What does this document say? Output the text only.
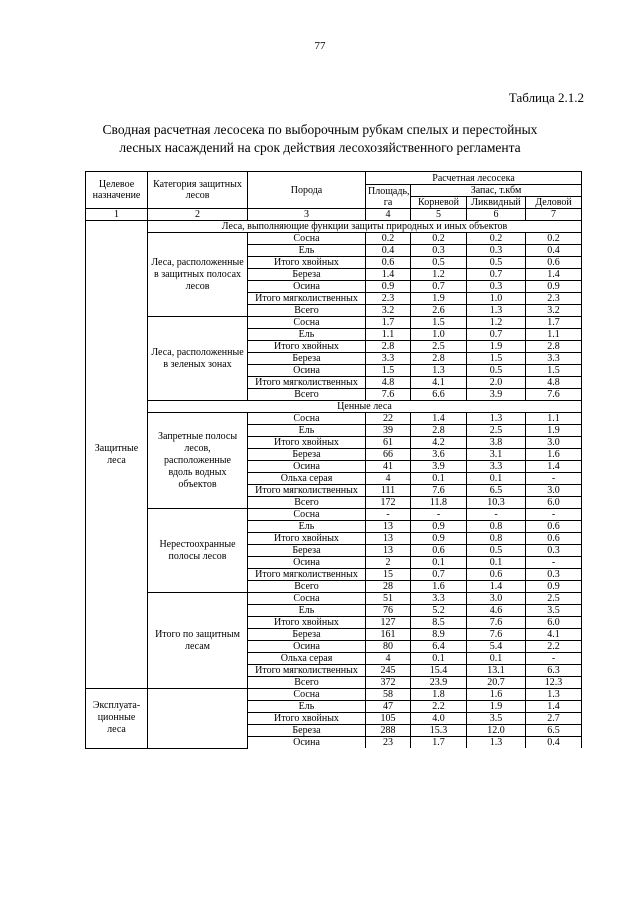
77
Таблица 2.1.2
Сводная расчетная лесосека по выборочным рубкам спелых и перестойных
лесных насаждений на срок действия лесохозяйственного регламента
Целевое назначение	Категория защитных лесов	Порода	Расчетная лесосека			
			Площадь, га	Запас, т.кбм		
				Корневой	Ликвидный	Деловой
1	2	3	4	5	6	7
Защитные леса	Леса, выполняющие функции защиты природных и иных объектов					
	Леса, расположенные в защитных полосах лесов	Сосна	0.2	0.2	0.2	0.2
		Ель	0.4	0.3	0.3	0.4
		Итого хвойных	0.6	0.5	0.5	0.6
		Береза	1.4	1.2	0.7	1.4
		Осина	0.9	0.7	0.3	0.9
		Итого мягколиственных	2.3	1.9	1.0	2.3
		Всего	3.2	2.6	1.3	3.2
	Леса, расположенные в зеленых зонах	Сосна	1.7	1.5	1.2	1.7
		Ель	1.1	1.0	0.7	1.1
		Итого хвойных	2.8	2.5	1.9	2.8
		Береза	3.3	2.8	1.5	3.3
		Осина	1.5	1.3	0.5	1.5
		Итого мягколиственных	4.8	4.1	2.0	4.8
		Всего	7.6	6.6	3.9	7.6
	Ценные леса					
	Запретные полосы лесов, расположенные вдоль водных объектов	Сосна	22	1.4	1.3	1.1
		Ель	39	2.8	2.5	1.9
		Итого хвойных	61	4.2	3.8	3.0
		Береза	66	3.6	3.1	1.6
		Осина	41	3.9	3.3	1.4
		Ольха серая	4	0.1	0.1	-
		Итого мягколиственных	111	7.6	6.5	3.0
		Всего	172	11.8	10.3	6.0
	Нерестоохранные полосы лесов	Сосна	-	-	-	-
		Ель	13	0.9	0.8	0.6
		Итого хвойных	13	0.9	0.8	0.6
		Береза	13	0.6	0.5	0.3
		Осина	2	0.1	0.1	-
		Итого мягколиственных	15	0.7	0.6	0.3
		Всего	28	1.6	1.4	0.9
	Итого по защитным лесам	Сосна	51	3.3	3.0	2.5
		Ель	76	5.2	4.6	3.5
		Итого хвойных	127	8.5	7.6	6.0
		Береза	161	8.9	7.6	4.1
		Осина	80	6.4	5.4	2.2
		Ольха серая	4	0.1	0.1	-
		Итого мягколиственных	245	15.4	13.1	6.3
		Всего	372	23.9	20.7	12.3
Эксплуата-ционные леса		Сосна	58	1.8	1.6	1.3
		Ель	47	2.2	1.9	1.4
		Итого хвойных	105	4.0	3.5	2.7
		Береза	288	15.3	12.0	6.5
		Осина	23	1.7	1.3	0.4
